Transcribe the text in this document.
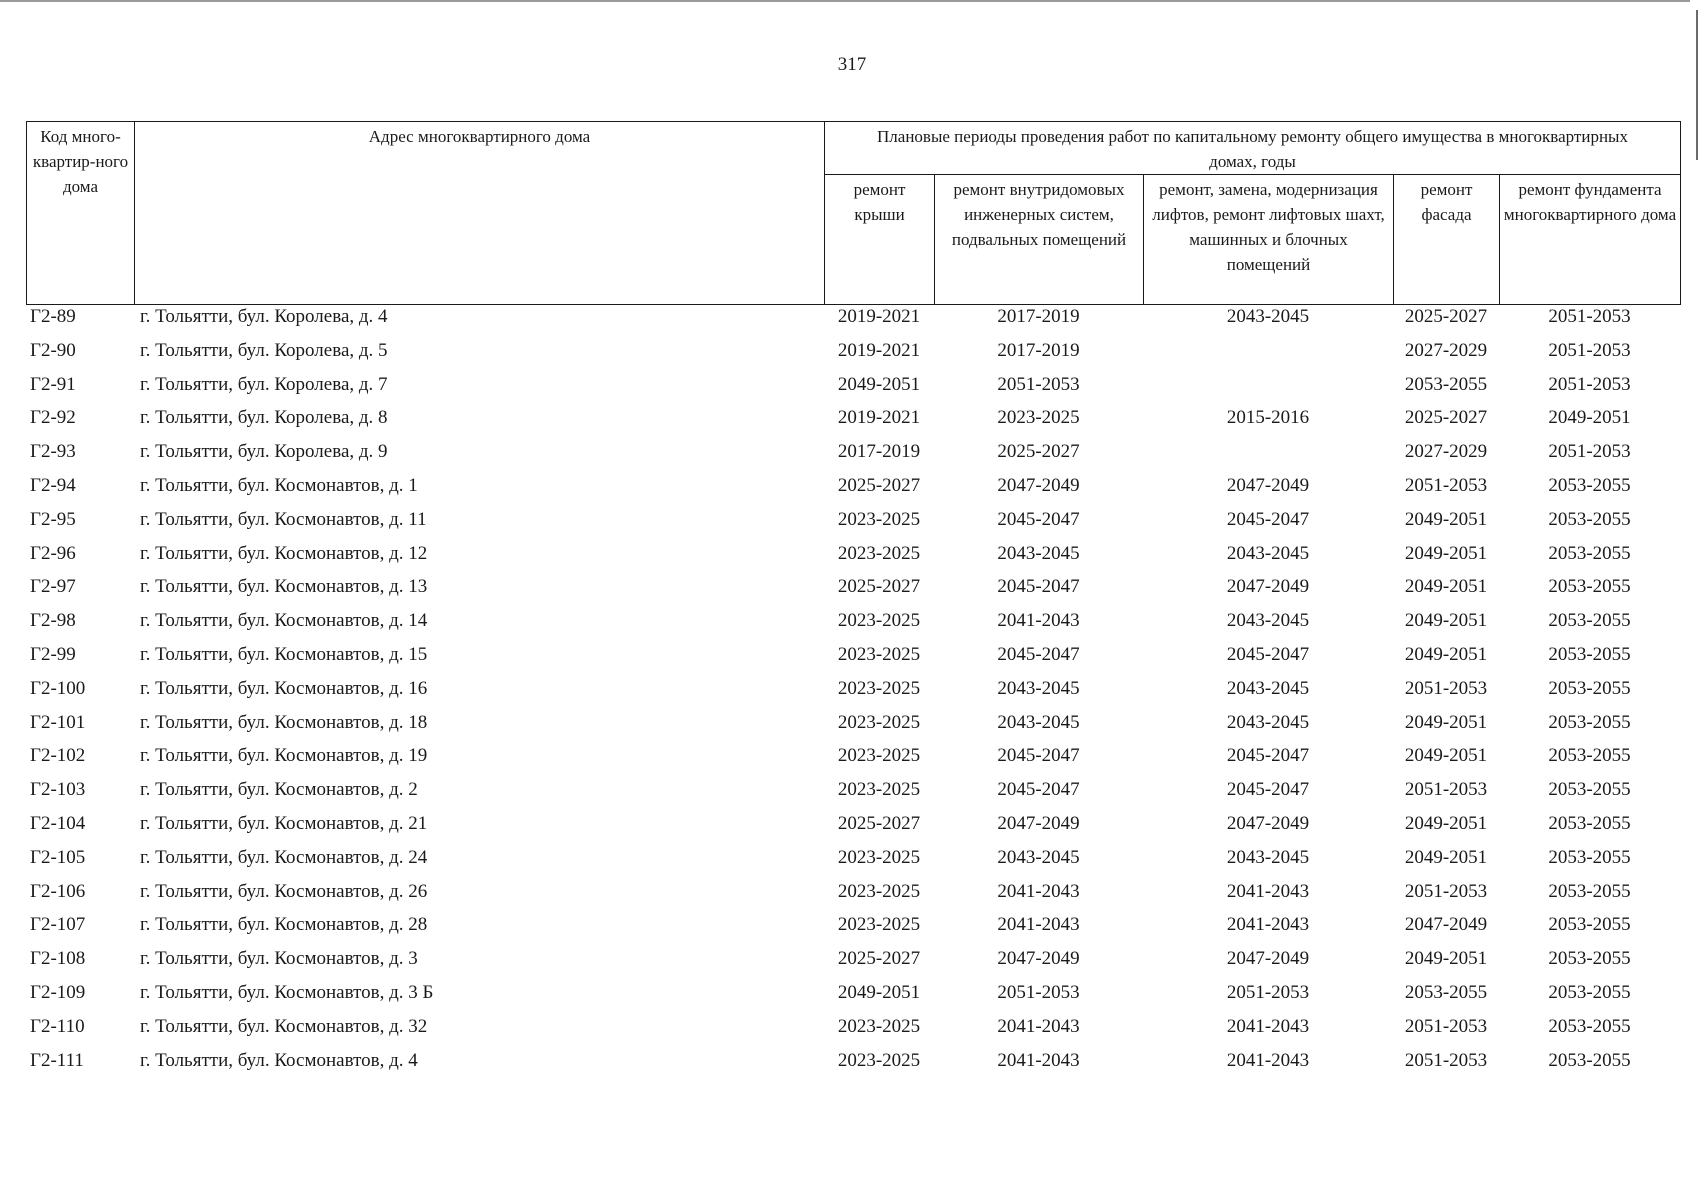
317
Код много-квартир-ного дома	Адрес многоквартирного дома	Плановые периоды проведения работ по капитальному ремонту общего имущества в многоквартирных домах, годы				
		ремонт крыши	ремонт внутридомовых инженерных систем, подвальных помещений	ремонт, замена, модернизация лифтов, ремонт лифтовых шахт, машинных и блочных помещений	ремонт фасада	ремонт фундамента многоквартирного дома
Г2-89	г. Тольятти, бул. Королева, д. 4	2019-2021	2017-2019	2043-2045	2025-2027	2051-2053
Г2-90	г. Тольятти, бул. Королева, д. 5	2019-2021	2017-2019		2027-2029	2051-2053
Г2-91	г. Тольятти, бул. Королева, д. 7	2049-2051	2051-2053		2053-2055	2051-2053
Г2-92	г. Тольятти, бул. Королева, д. 8	2019-2021	2023-2025	2015-2016	2025-2027	2049-2051
Г2-93	г. Тольятти, бул. Королева, д. 9	2017-2019	2025-2027		2027-2029	2051-2053
Г2-94	г. Тольятти, бул. Космонавтов, д. 1	2025-2027	2047-2049	2047-2049	2051-2053	2053-2055
Г2-95	г. Тольятти, бул. Космонавтов, д. 11	2023-2025	2045-2047	2045-2047	2049-2051	2053-2055
Г2-96	г. Тольятти, бул. Космонавтов, д. 12	2023-2025	2043-2045	2043-2045	2049-2051	2053-2055
Г2-97	г. Тольятти, бул. Космонавтов, д. 13	2025-2027	2045-2047	2047-2049	2049-2051	2053-2055
Г2-98	г. Тольятти, бул. Космонавтов, д. 14	2023-2025	2041-2043	2043-2045	2049-2051	2053-2055
Г2-99	г. Тольятти, бул. Космонавтов, д. 15	2023-2025	2045-2047	2045-2047	2049-2051	2053-2055
Г2-100	г. Тольятти, бул. Космонавтов, д. 16	2023-2025	2043-2045	2043-2045	2051-2053	2053-2055
Г2-101	г. Тольятти, бул. Космонавтов, д. 18	2023-2025	2043-2045	2043-2045	2049-2051	2053-2055
Г2-102	г. Тольятти, бул. Космонавтов, д. 19	2023-2025	2045-2047	2045-2047	2049-2051	2053-2055
Г2-103	г. Тольятти, бул. Космонавтов, д. 2	2023-2025	2045-2047	2045-2047	2051-2053	2053-2055
Г2-104	г. Тольятти, бул. Космонавтов, д. 21	2025-2027	2047-2049	2047-2049	2049-2051	2053-2055
Г2-105	г. Тольятти, бул. Космонавтов, д. 24	2023-2025	2043-2045	2043-2045	2049-2051	2053-2055
Г2-106	г. Тольятти, бул. Космонавтов, д. 26	2023-2025	2041-2043	2041-2043	2051-2053	2053-2055
Г2-107	г. Тольятти, бул. Космонавтов, д. 28	2023-2025	2041-2043	2041-2043	2047-2049	2053-2055
Г2-108	г. Тольятти, бул. Космонавтов, д. 3	2025-2027	2047-2049	2047-2049	2049-2051	2053-2055
Г2-109	г. Тольятти, бул. Космонавтов, д. 3 Б	2049-2051	2051-2053	2051-2053	2053-2055	2053-2055
Г2-110	г. Тольятти, бул. Космонавтов, д. 32	2023-2025	2041-2043	2041-2043	2051-2053	2053-2055
Г2-111	г. Тольятти, бул. Космонавтов, д. 4	2023-2025	2041-2043	2041-2043	2051-2053	2053-2055
